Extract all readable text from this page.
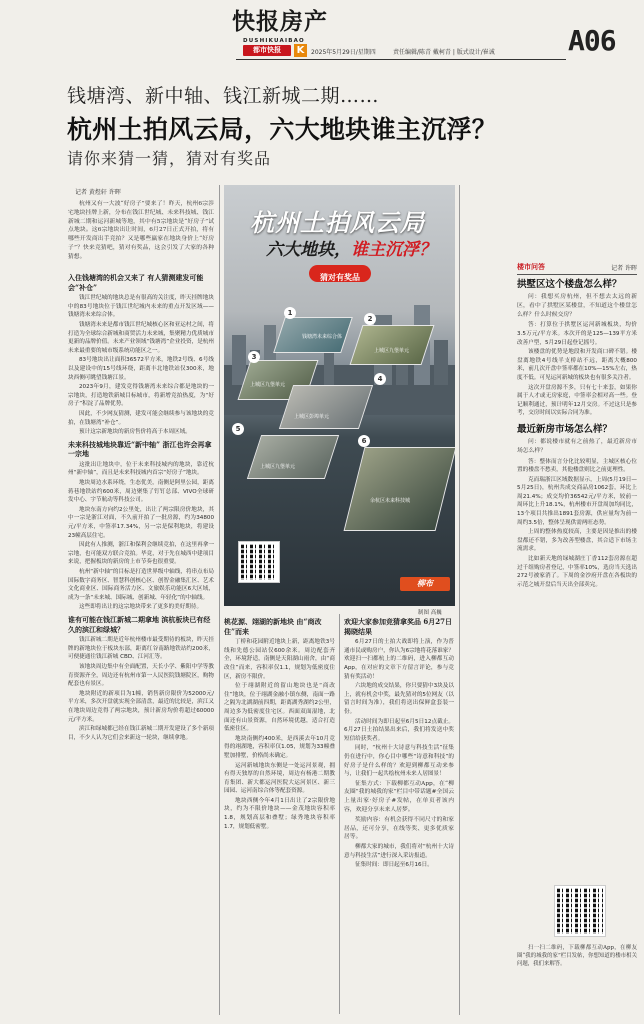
快报房产
DUSHIKUAIBAO
都市快报	K	2025年5月29日/星期四	责任编辑/陈青 戴柯青 | 版式设计/崔诚	A06
钱塘湾、新中轴、钱江新城二期……
杭州土拍风云局，六大地块谁主沉浮？
请你来猜一猜，猜对有奖品
记者 黄煜轩 许晖
杭州又有一大波“好房子”要来了！昨天，杭州6宗涉宅地块挂牌上新，分布在钱江世纪城、未来科技城、钱江新城二期和运河新城等地，其中有5宗地块是“好房子”试点地块。这6宗地块出让时间，6月27日正式开拍，将有哪些开发商出手竞拍？又是哪些赢家在地块身价上“好房子”？快来竞猜吧，猜对有奖品，这会引发了大家的各种猜想。
入住钱塘湾的机会又来了 有人猜测建发可能会“补仓”

钱江世纪城的地块总是有很高的关注度，昨天挂牌地块中的83号地块位于钱江世纪城内未来的重点开发区域——钱塘湾未来综合体。

钱塘湾未来是都市钱江世纪城核心区和亚运村之间，将打造为全球综合新城和商贸活力未来城，集聚精力优质城市更新的品牌价值。未来产业领域“钱塘湾”企业投资，是杭州未来最重要的城市级系统功能区之一。

83号地块出让面积36572平方米，地铁2号线、6号线以及建设中的15号线环绕，距离丰北地铁站仅300米，地块西侧可眺望钱塘江景。

2023年9月，建发竞得钱塘湾未来综合都是地块的一宗地块，打造地铁新城目标城市，将新增竞拍热度，为“好房子”积淀了品牌优势。

因此，不少网友猜测，建发可能会继续参与该地块的竞拍，在钱塘湾“补仓”。

预计这宗新地块的新房售价将高于本周区域。

未来科技城地块靠近“新中轴” 浙江也许会再拿一宗地

这批出让地块中，位于未来科技城内的地块，靠近杭州“新中轴”，而且是未来科技城内首宗“好房子”地块。

地块周边水系环绕，生态优美，南侧是阿里公园，距离蒋巷地铁站约600米，周边聚集了钉钉总部、VIVO全球研发中心、宇节航动等科技公司。

地块东南方向约2公里处，出让了两宗限房价地块，其中一宗是浙江对面，不久前开拍了一批房源，约为34800元/平方米，中签率17.34%，另一宗是保利地块，将建设23幢高层住宅。

因此有人推测，浙江和保利会继续竞拍，在这里再拿一宗地，也可能双方联合竞拍。毕竟，对于先在城西中建项目来说，把握板块的新房的上市节奏也很重要。

杭州“新中轴”的目标是打造世界级中轴线，将串点布局国际数字商务区、智慧科创核心区、创智金融集汇区、艺术文化商业区、国际商务活力区、文旅娱乐功能区6大区域，成为一条“未来城、国际城、创新城、年轻化”的中轴线。

这些即将出让的这宗地块带来了更多的美好期待。

谁有可能在钱江新城二期拿地 滨杭板块已有经久的滨江和绿城？

钱江新城二期是近年杭州楼市最受期待的板块，昨天挂牌的新地块位于板块东部，距离红谷南路地铁站约200米，可便捷通往钱江新城 CBD、江河汇等。

该地块周边集中有全面配置，天长小学、紫阳中学等教育资源齐全，周边还有杭州市第一人民医院钱塘院区，购物配套也有景区。

地块附近的新项目为1幢，销售新房限价为52000元/平方米，多次开盘就实现全部清盘，最近的比较是，滨江又在地块周边竞得了两宗地块，预计新房均价将超过60000元/平方米。

滨江和绿城都已经在钱江新城二期开发建设了多个新项目，不少人认为它们会来新这一轮块，继续拿地。

杭州土拍风云局
六大地块，谁主沉浮？
猜对有奖品
1
2
3
4
5
6
钱塘湾未来综合体
上城区九堡单元
上城区九堡单元
上城区彭埠单元
上城区九堡单元
余杭区未来科技城
柳布
制图 高巍
桃花源、翊湖的新地块 由“商改住”而来

丁桥和花园附近地块上新，距离地铁3号线和先德公园站仅600余米。周边配套齐全，环境舒适，南侧是天阳湖山雨舍，由“商改住”而来，容积率仅1.1，规划为低密度住区，新房不限价。

位于翊湖附近的留山地块也是“商改住”地块，位于翊湖金融小镇东侧，南面一路之隔为北湖湖前四期，距离湖秀湖约2公里，周边多为低密度住宅区。西面双面湿地，北面还有山景资源，自然环境优越，适合打造低密住区。

地块南侧约400米，是西溪去年10月竞得的翊湖地，容积率仅1.05，规划为33幢叠墅加排墅，价格尚未确定。

运河新城地块东侧是一处运河景观，拥有得天独厚的自然环境，周边有杨港二期教育集团、新大都运河医院大运河景区、新三园园、运河南综合体等配套资源。

地块西侧今年4月1日出让了2宗限价地块，约为不限价地块——金茂地块容积率1.8，规划高层和叠墅；绿秀地块容积率1.7，规划低密墅。

欢迎大家参加竞猜拿奖品 6月27日揭晓结果

6月27日的土拍大战即将上演，作为普通市民或购房户，你认为6宗地将花落谁家？欢迎扫一扫都杭上的二维码，进入柳都互动App，在对应的文章下方留言评论，参与竞猜有奖活动！

六块地的成交结果，你只要猜中3块及以上，就有机会中奖，最先猜对的5位网友（以留言时间为准），我们将送出保鲜盒套装一份。

活动时间为即日起至6月5日12点截止。6月27日土拍结果出来后，我们将发送中奖短信给获奖者。

同时，“杭州十大诗意与科技生活”征集仍在进行中，你心目中哪些“诗意和科技”的好房子是什么样的？欢迎到柳都互动来参与，让我们一起共绘杭州未来人居图景！

征集方式：下载柳都互动App，在“柳友圈”我的城我的家”栏目中带话题#全国云上量出家·好房子#发帖，在单页者该内容，欢迎分享未来人居梦。

奖励内容：有机会获得不同尺寸的和家居品，还可分享，在线等奖、更多优质家居等。

柳都大家的城市，我们将对“杭州十大诗意与科技生活”进行深入采访报道。

征集时间：即日起至6月16日。

楼市问答	记者 许晖
拱墅区这个楼盘怎么样？

问：我想买房杭州，但不想去太远的新区，看中了拱墅区某楼盘，不知道这个楼盘怎么样？什么时候交房？

答：打算位于拱墅区运河新城板块，均价3.5万元/平方米。本次开的是125—139平方米改善户型，5月29日起登记摇号。

该楼盘的优势是地段和开发商口碑不错。楼盘离地铁4号线半支桥站不远，距离大概800米，前几次开盘中签率都在10%—15%左右，热度不低。可见运河新城的板块也有很多关注者。

这次开盘房源不多，只有七十来套，如果你属于人才或无房家庭，中签率会相对高一些。登记顺利通过，预计明年12月交房。不过这只是参考，交房时间以实际合同为准。

最近新房市场怎么样？

问：都说楼市就有之前热了，最近新房市场怎么样？

答：整体而言分化比较明显，主城区核心位置的楼盘不愁卖，其他楼盘则比之前更理性。

克而瑞浙江区域数据显示，上周(5月19日—5月25日)，杭州共成交商品房1062套，环比上周21.4%；成交均价36542元/平方米，较前一周环比上升18.1%，杭州楼市开盘周加均同比，13个项目共推出1891套房源，供应量均为前一周约3.5倍，整体呈现供需两旺态势。

上周的整体热度较高，主要是因是推出的楼盘都还不错，多为改善型楼盘，其合适下市场主流需求。

比如新天地的绿城湖庄丁香112套房源在超过千组购房者登记，中签率10%，选房当天选出272号被家消了。下周的金沙府开盘在各板块的示范之城开盘后当天出全部卖完。

扫一扫二维码，下载柳都互动App，在柳友圈“我的城我的家”栏目发帖，你想知道的楼市相关问题，我们来解答。
